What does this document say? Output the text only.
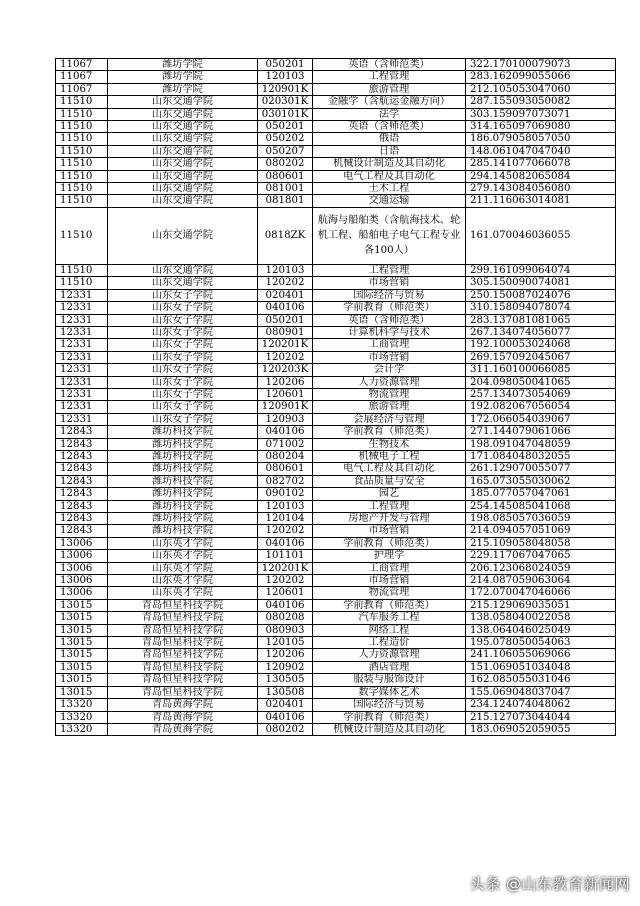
11067	潍坊学院	050201	英语（含师范类）	322.170100079073
11067	潍坊学院	120103	工程管理	283.162099055066
11067	潍坊学院	120901K	旅游管理	212.105053047060
11510	山东交通学院	020301K	金融学（含航运金融方向）	287.155093050082
11510	山东交通学院	030101K	法学	303.159097073071
11510	山东交通学院	050201	英语（含师范类）	314.165097069080
11510	山东交通学院	050202	俄语	186.079058057050
11510	山东交通学院	050207	日语	148.061047047040
11510	山东交通学院	080202	机械设计制造及其自动化	285.141077066078
11510	山东交通学院	080601	电气工程及其自动化	294.145082065084
11510	山东交通学院	081001	土木工程	279.143084056080
11510	山东交通学院	081801	交通运输	211.116063014081
11510	山东交通学院	0818ZK	航海与船舶类（含航海技术、轮机工程、船舶电子电气工程专业各100人）	161.070046036055
11510	山东交通学院	120103	工程管理	299.161099064074
11510	山东交通学院	120202	市场营销	305.150090074081
12331	山东女子学院	020401	国际经济与贸易	250.150087024076
12331	山东女子学院	040106	学前教育（师范类）	310.158094078074
12331	山东女子学院	050201	英语（含师范类）	283.137081081065
12331	山东女子学院	080901	计算机科学与技术	267.134074056077
12331	山东女子学院	120201K	工商管理	192.100053024068
12331	山东女子学院	120202	市场营销	269.157092045067
12331	山东女子学院	120203K	会计学	311.160100066085
12331	山东女子学院	120206	人力资源管理	204.098050041065
12331	山东女子学院	120601	物流管理	257.134073054069
12331	山东女子学院	120901K	旅游管理	192.082067056054
12331	山东女子学院	120903	会展经济与管理	172.066054039067
12843	潍坊科技学院	040106	学前教育（师范类）	271.144079061066
12843	潍坊科技学院	071002	生物技术	198.091047048059
12843	潍坊科技学院	080204	机械电子工程	171.084048032055
12843	潍坊科技学院	080601	电气工程及其自动化	261.129070055077
12843	潍坊科技学院	082702	食品质量与安全	165.073055030062
12843	潍坊科技学院	090102	园艺	185.077057047061
12843	潍坊科技学院	120103	工程管理	254.145085041068
12843	潍坊科技学院	120104	房地产开发与管理	198.085057036059
12843	潍坊科技学院	120202	市场营销	214.094057051069
13006	山东英才学院	040106	学前教育（师范类）	215.109058048058
13006	山东英才学院	101101	护理学	229.117067047065
13006	山东英才学院	120201K	工商管理	206.123068024059
13006	山东英才学院	120202	市场营销	214.087059063064
13006	山东英才学院	120601	物流管理	172.070047046066
13015	青岛恒星科技学院	040106	学前教育（师范类）	215.129069035051
13015	青岛恒星科技学院	080208	汽车服务工程	138.058040022058
13015	青岛恒星科技学院	080903	网络工程	138.064046025049
13015	青岛恒星科技学院	120105	工程造价	195.078050054063
13015	青岛恒星科技学院	120206	人力资源管理	241.106055069066
13015	青岛恒星科技学院	120902	酒店管理	151.069051034048
13015	青岛恒星科技学院	130505	服装与服饰设计	162.085055031046
13015	青岛恒星科技学院	130508	数字媒体艺术	155.069048037047
13320	青岛黄海学院	020401	国际经济与贸易	234.124074048062
13320	青岛黄海学院	040106	学前教育（师范类）	215.127073044044
13320	青岛黄海学院	080202	机械设计制造及其自动化	183.069052059055
头条 @山东教育新闻网
